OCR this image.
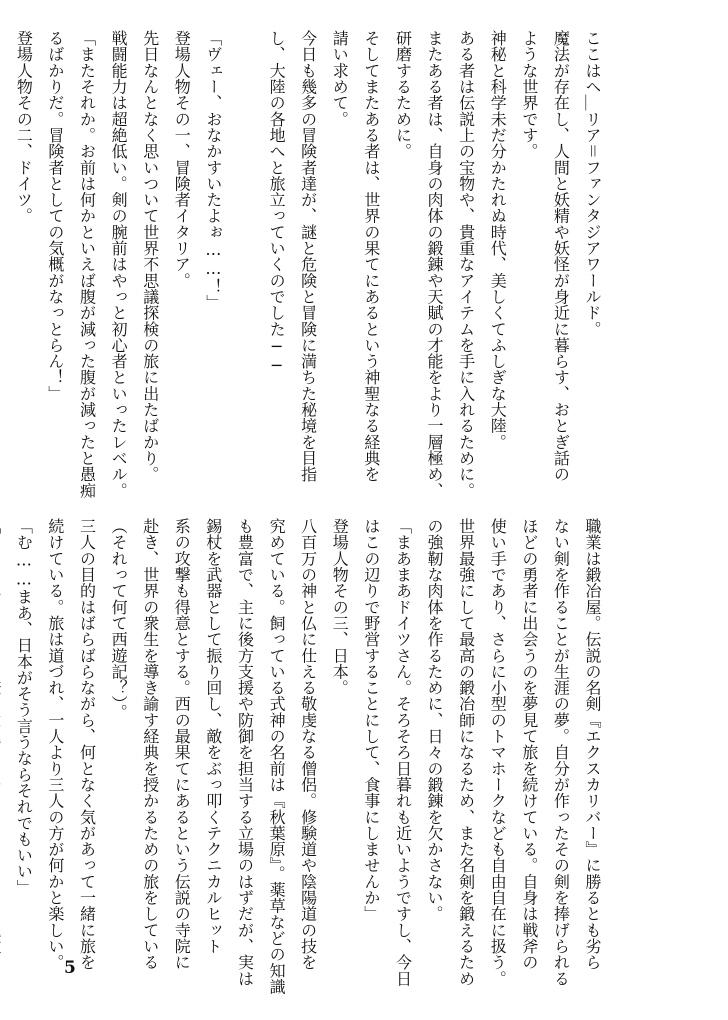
ここはヘ＿リア＝ファンタジアワールド。

魔法が存在し、人間と妖精や妖怪が身近に暮らす、おとぎ話の

ような世界です。

神秘と科学未だ分かたれぬ時代、美しくてふしぎな大陸。

ある者は伝説上の宝物や、貴重なアイテムを手に入れるために。

またある者は、自身の肉体の鍛錬や天賦の才能をより一層極め、

研磨するために。

そしてまたある者は、世界の果てにあるという神聖なる経典を

請い求めて。

今日も幾多の冒険者達が、謎と危険と冒険に満ちた秘境を目指

し、大陸の各地へと旅立っていくのでした──

「ヴェー、おなかすいたよぉ……！」

登場人物その一、冒険者イタリア。

先日なんとなく思いついて世界不思議探検の旅に出たばかり。

戦闘能力は超絶低い。剣の腕前はやっと初心者といったレベル。

「またそれか。お前は何かといえば腹が減った腹が減ったと愚痴

るばかりだ。冒険者としての気概がなっとらん！」

登場人物その二、ドイツ。

職業は鍛冶屋。伝説の名剣『エクスカリバー』に勝るとも劣ら

ない剣を作ることが生涯の夢。自分が作ったその剣を捧げられる

ほどの勇者に出会うのを夢見て旅を続けている。自身は戦斧の

使い手であり、さらに小型のトマホークなども自由自在に扱う。

世界最強にして最高の鍛冶師になるため、また名剣を鍛えるため

の強靭な肉体を作るために、日々の鍛錬を欠かさない。

「まあまあドイツさん。そろそろ日暮れも近いようですし、今日

はこの辺りで野営することにして、食事にしませんか」

登場人物その三、日本。

八百万の神と仏に仕える敬虔なる僧侶。修験道や陰陽道の技を

究めている。飼っている式神の名前は『秋葉原』。薬草などの知識

も豊富で、主に後方支援や防御を担当する立場のはずだが、実は

錫杖を武器として振り回し、敵をぶっ叩くテクニカルヒット

系の攻撃も得意とする。西の最果てにあるという伝説の寺院に

赴き、世界の衆生を導き諭す経典を授かるための旅をしている

（それって何て西遊記？）。

三人の目的はばらばらながら、何となく気があって一緒に旅を

続けている。旅は道づれ、一人より三人の方が何かと楽しい。

「む……まあ、日本がそう言うならそれでもいい」

5
